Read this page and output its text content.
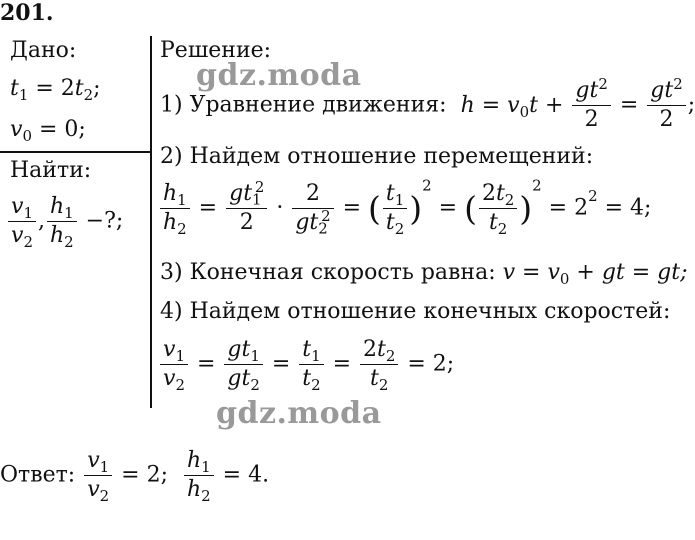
201.
Дано:
$t_1 = 2t_2$;
$v_0 = 0$;
Найти:
$\frac{v_1}{v_2}$ , $\frac{h_1}{h_2}$ −?;
Решение:
1) Уравнение движения: $h = v_0t + \frac{gt^2}{2} = \frac{gt^2}{2}$ ;
2) Найдем отношение перемещений:
$\frac{h_1}{h_2} = \frac{gt_1^2}{2} \cdot \frac{2}{gt_2^2}$ = ( $\frac{t_1}{t_2} )^2$ = ( $\frac{2t_2}{t_2} )^2 = 2^2 = 4$;
3) Конечная скорость равна: $v = v_0$ + gt = gt;
4) Найдем отношение конечных скоростей:
$\frac{v_1}{v_2} = \frac{gt_1}{gt_2} = \frac{t_1}{t_2} = \frac{2t_2}{t_2} = 2$;
Ответ: $\frac{v_1}{v_2} = 2$; $\frac{h_1}{h_2} = 4$.
gdz.moda
gdz.moda
